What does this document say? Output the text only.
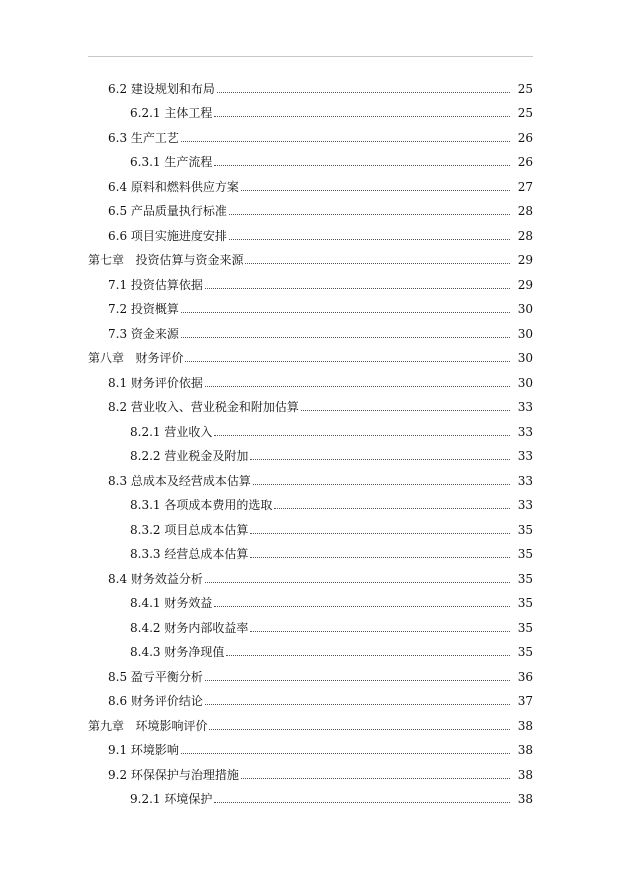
6.2 建设规划和布局	25
6.2.1 主体工程	25
6.3 生产工艺	26
6.3.1 生产流程	26
6.4 原料和燃料供应方案	27
6.5 产品质量执行标准	28
6.6 项目实施进度安排	28
第七章 投资估算与资金来源	29
7.1 投资估算依据	29
7.2 投资概算	30
7.3 资金来源	30
第八章 财务评价	30
8.1 财务评价依据	30
8.2 营业收入、营业税金和附加估算	33
8.2.1 营业收入	33
8.2.2 营业税金及附加	33
8.3 总成本及经营成本估算	33
8.3.1 各项成本费用的选取	33
8.3.2 项目总成本估算	35
8.3.3 经营总成本估算	35
8.4 财务效益分析	35
8.4.1 财务效益	35
8.4.2 财务内部收益率	35
8.4.3 财务净现值	35
8.5 盈亏平衡分析	36
8.6 财务评价结论	37
第九章 环境影响评价	38
9.1 环境影响	38
9.2 环保保护与治理措施	38
9.2.1 环境保护	38
